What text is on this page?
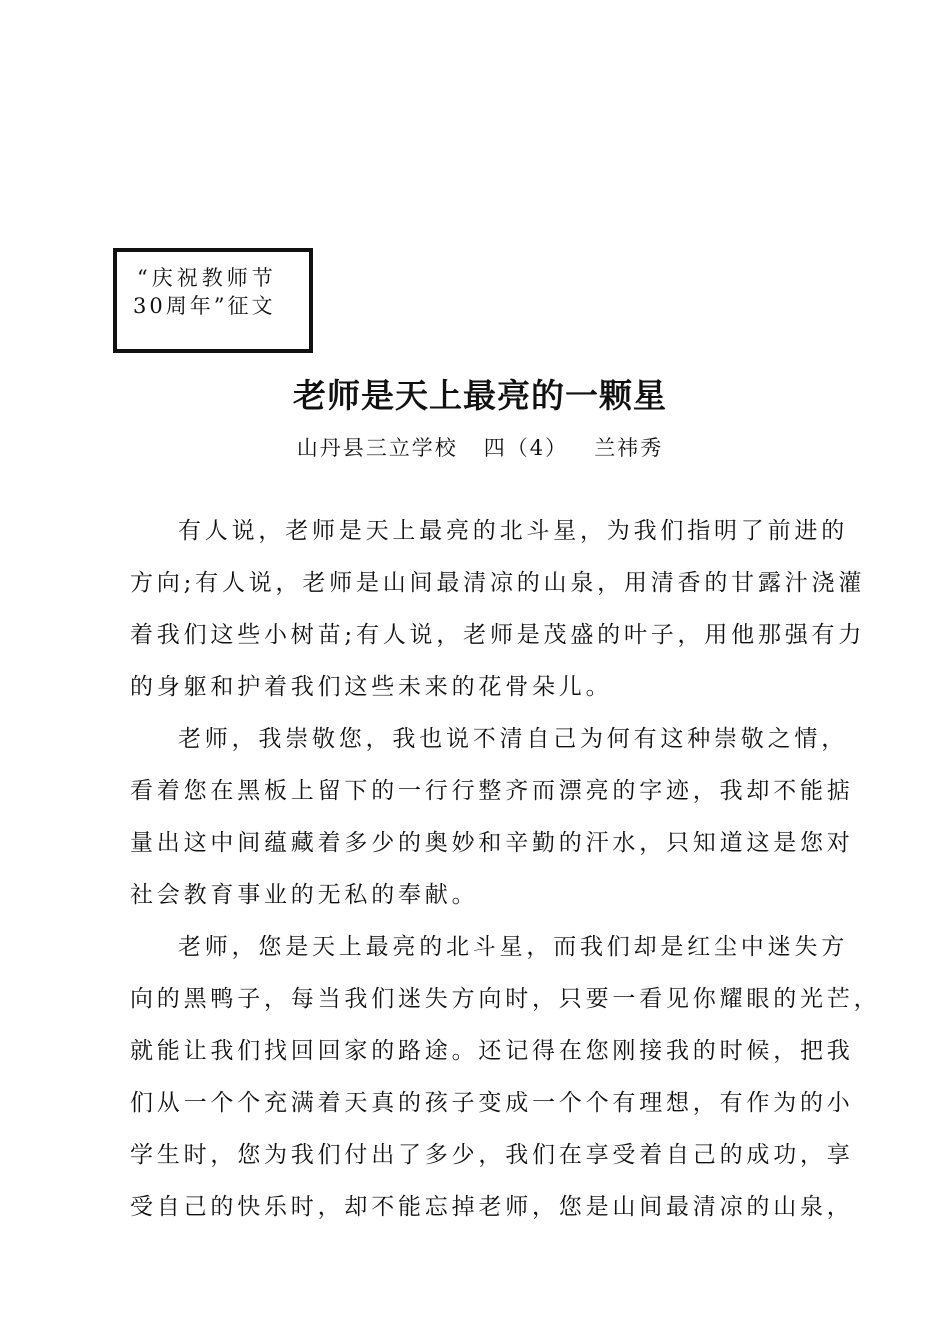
“庆祝教师节
30周年”征文
老师是天上最亮的一颗星
山丹县三立学校   四（4）   兰祎秀
有人说，老师是天上最亮的北斗星，为我们指明了前进的
方向;有人说，老师是山间最清凉的山泉，用清香的甘露汁浇灌
着我们这些小树苗;有人说，老师是茂盛的叶子，用他那强有力
的身躯和护着我们这些未来的花骨朵儿。
老师，我崇敬您，我也说不清自己为何有这种崇敬之情，
看着您在黑板上留下的一行行整齐而漂亮的字迹，我却不能掂
量出这中间蕴藏着多少的奥妙和辛勤的汗水，只知道这是您对
社会教育事业的无私的奉献。
老师，您是天上最亮的北斗星，而我们却是红尘中迷失方
向的黑鸭子，每当我们迷失方向时，只要一看见你耀眼的光芒，
就能让我们找回回家的路途。还记得在您刚接我的时候，把我
们从一个个充满着天真的孩子变成一个个有理想，有作为的小
学生时，您为我们付出了多少，我们在享受着自己的成功，享
受自己的快乐时，却不能忘掉老师，您是山间最清凉的山泉，
